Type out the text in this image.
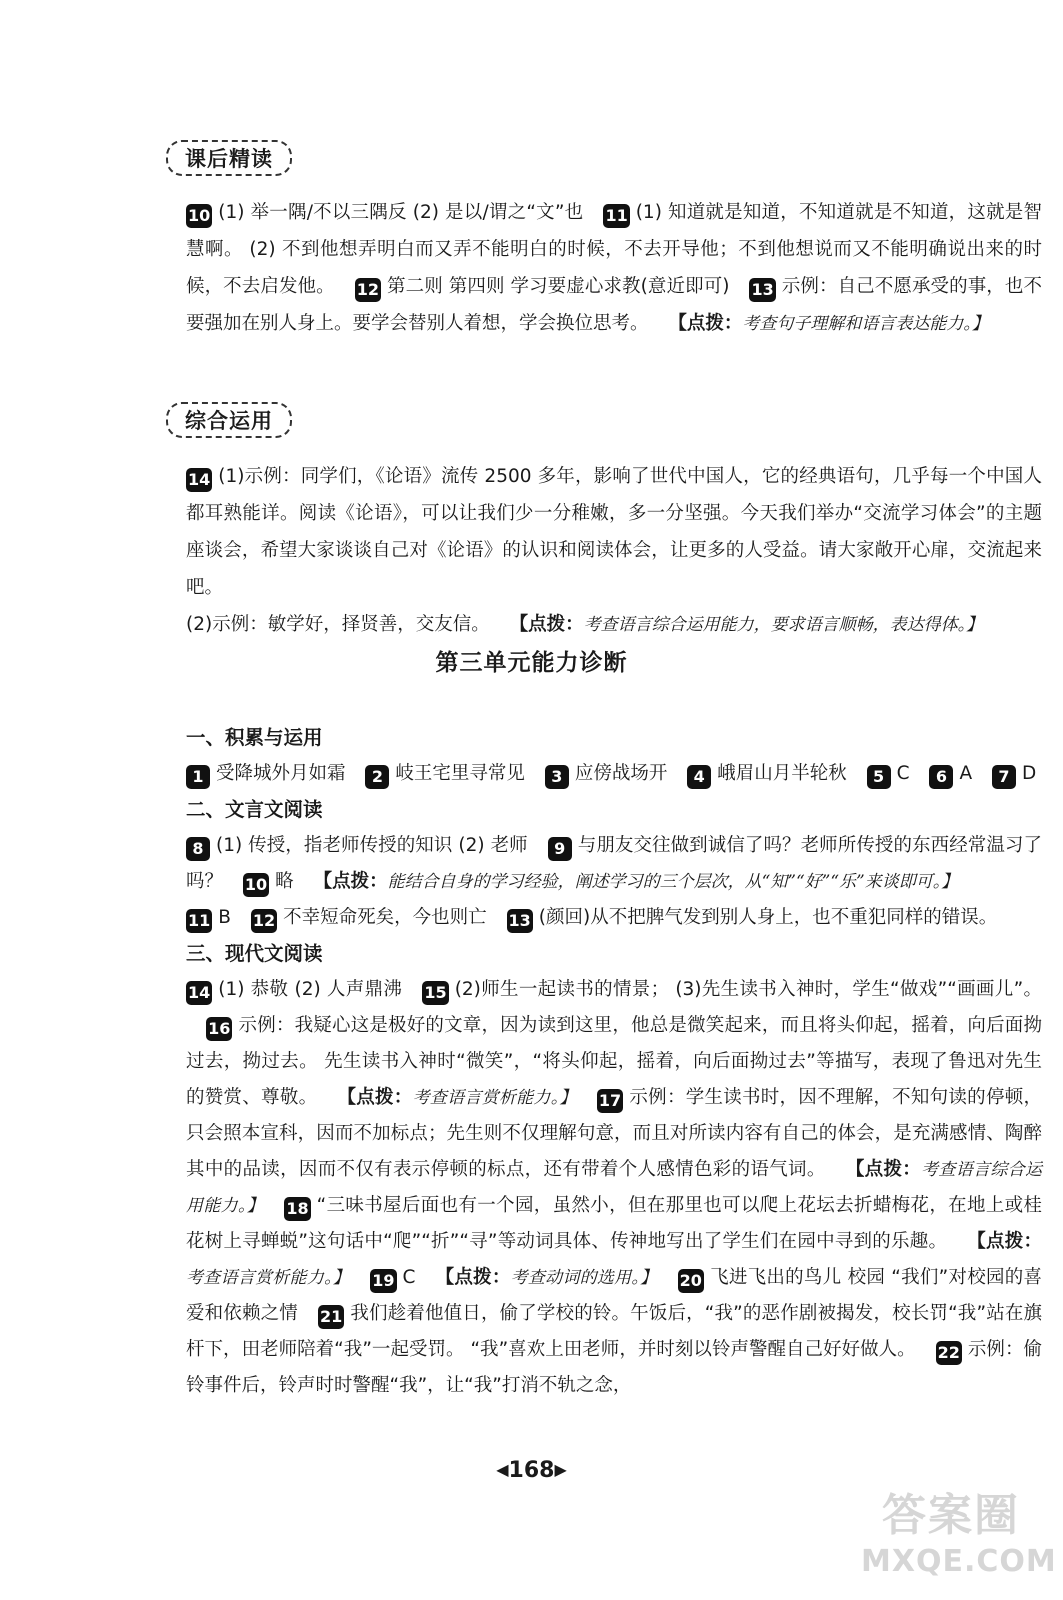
课后精读

10 (1) 举一隅/不以三隅反 (2) 是以/谓之“文”也 11 (1) 知道就是知道，不知道就是不知道，这就是智慧啊。 (2) 不到他想弄明白而又弄不能明白的时候，不去开导他；不到他想说而又不能明确说出来的时候，不去启发他。 12 第二则 第四则 学习要虚心求教(意近即可) 13 示例：自己不愿承受的事，也不要强加在别人身上。要学会替别人着想，学会换位思考。 【点拨：考查句子理解和语言表达能力。】

综合运用

14 (1)示例：同学们，《论语》流传 2500 多年，影响了世代中国人，它的经典语句，几乎每一个中国人都耳熟能详。阅读《论语》，可以让我们少一分稚嫩，多一分坚强。今天我们举办“交流学习体会”的主题座谈会，希望大家谈谈自己对《论语》的认识和阅读体会，让更多的人受益。请大家敞开心扉，交流起来吧。

(2)示例：敏学好，择贤善，交友信。 【点拨：考查语言综合运用能力，要求语言顺畅，表达得体。】

第三单元能力诊断

一、积累与运用

1 受降城外月如霜 2 岐王宅里寻常见 3 应傍战场开 4 峨眉山月半轮秋 5 C 6 A 7 D

二、文言文阅读

8 (1) 传授，指老师传授的知识 (2) 老师 9 与朋友交往做到诚信了吗？老师所传授的东西经常温习了吗？ 10 略 【点拨：能结合自身的学习经验，阐述学习的三个层次，从“知”“好”“乐”来谈即可。】

11 B 12 不幸短命死矣，今也则亡 13 (颜回)从不把脾气发到别人身上，也不重犯同样的错误。

三、现代文阅读

14 (1) 恭敬 (2) 人声鼎沸 15 (2)师生一起读书的情景； (3)先生读书入神时，学生“做戏”“画画儿”。 16 示例：我疑心这是极好的文章，因为读到这里，他总是微笑起来，而且将头仰起，摇着，向后面拗过去，拗过去。 先生读书入神时“微笑”，“将头仰起，摇着，向后面拗过去”等描写，表现了鲁迅对先生的赞赏、尊敬。 【点拨：考查语言赏析能力。】 17 示例：学生读书时，因不理解，不知句读的停顿，只会照本宣科，因而不加标点；先生则不仅理解句意，而且对所读内容有自己的体会，是充满感情、陶醉其中的品读，因而不仅有表示停顿的标点，还有带着个人感情色彩的语气词。 【点拨：考查语言综合运用能力。】 18 “三味书屋后面也有一个园，虽然小，但在那里也可以爬上花坛去折蜡梅花，在地上或桂花树上寻蝉蜕”这句话中“爬”“折”“寻”等动词具体、传神地写出了学生们在园中寻到的乐趣。 【点拨：考查语言赏析能力。】 19 C 【点拨：考查动词的选用。】 20 飞进飞出的鸟儿 校园 “我们”对校园的喜爱和依赖之情 21 我们趁着他值日，偷了学校的铃。午饭后，“我”的恶作剧被揭发，校长罚“我”站在旗杆下，田老师陪着“我”一起受罚。 “我”喜欢上田老师，并时刻以铃声警醒自己好好做人。 22 示例：偷铃事件后，铃声时时警醒“我”，让“我”打消不轨之念，

◀168▶
答案圈
MXQE.COM
